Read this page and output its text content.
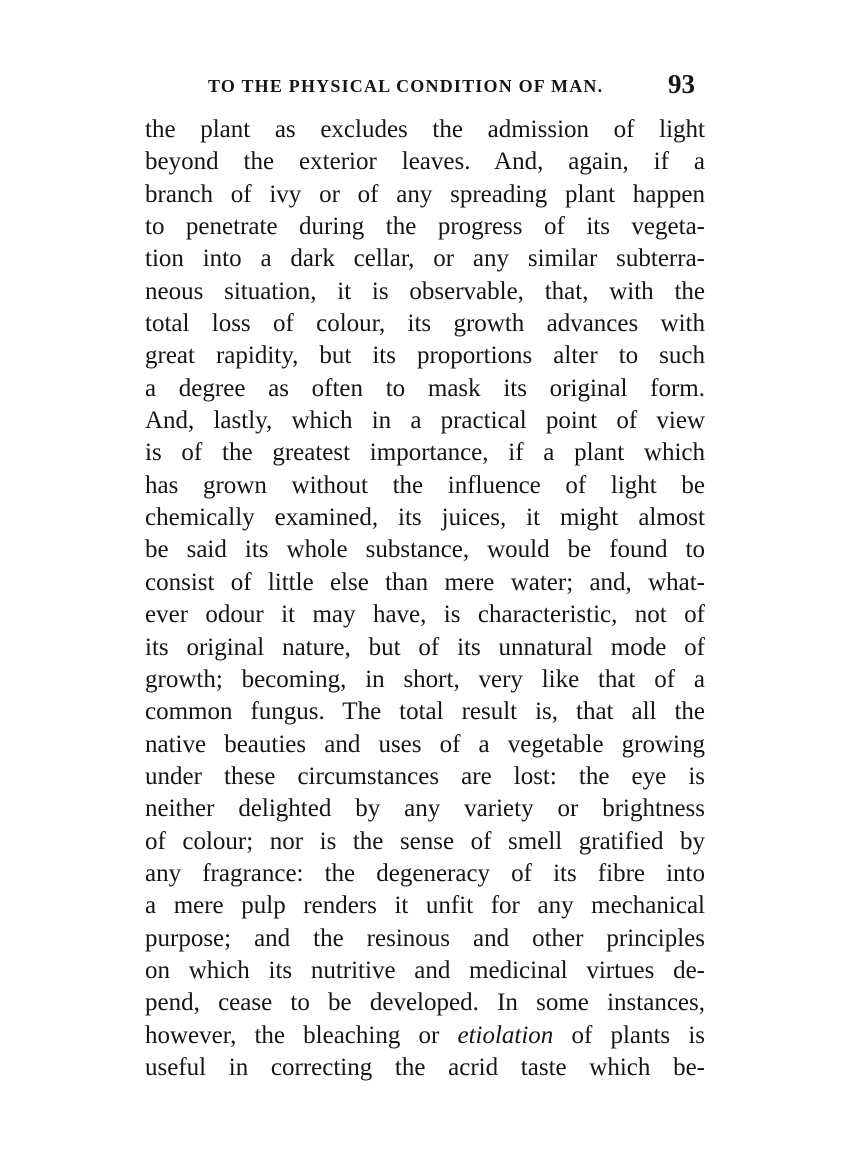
TO THE PHYSICAL CONDITION OF MAN. 93
the plant as excludes the admission of light
beyond the exterior leaves. And, again, if a
branch of ivy or of any spreading plant happen
to penetrate during the progress of its vegeta-
tion into a dark cellar, or any similar subterra-
neous situation, it is observable, that, with the
total loss of colour, its growth advances with
great rapidity, but its proportions alter to such
a degree as often to mask its original form.
And, lastly, which in a practical point of view
is of the greatest importance, if a plant which
has grown without the influence of light be
chemically examined, its juices, it might almost
be said its whole substance, would be found to
consist of little else than mere water; and, what-
ever odour it may have, is characteristic, not of
its original nature, but of its unnatural mode of
growth; becoming, in short, very like that of a
common fungus. The total result is, that all the
native beauties and uses of a vegetable growing
under these circumstances are lost: the eye is
neither delighted by any variety or brightness
of colour; nor is the sense of smell gratified by
any fragrance: the degeneracy of its fibre into
a mere pulp renders it unfit for any mechanical
purpose; and the resinous and other principles
on which its nutritive and medicinal virtues de-
pend, cease to be developed. In some instances,
however, the bleaching or etiolation of plants is
useful in correcting the acrid taste which be-
